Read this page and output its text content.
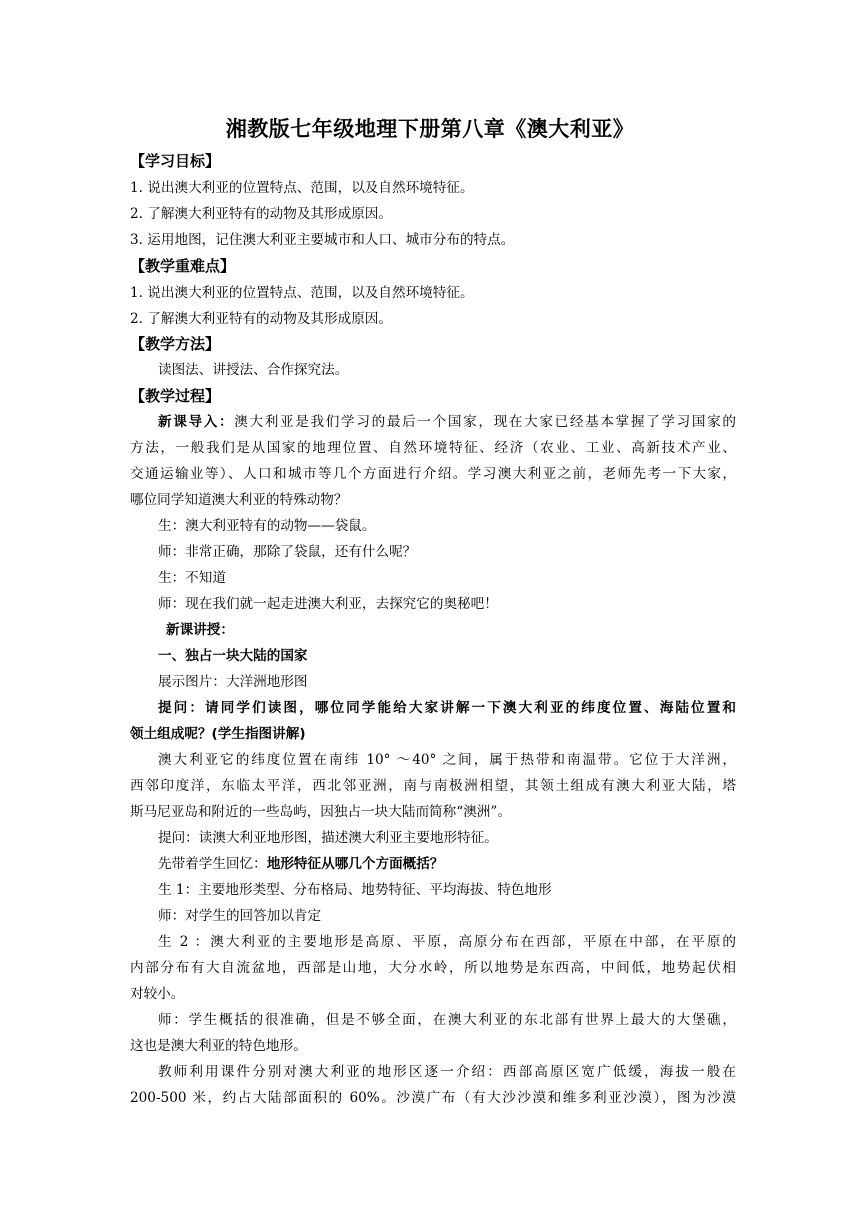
湘教版七年级地理下册第八章《澳大利亚》
【学习目标】
1. 说出澳大利亚的位置特点、范围，以及自然环境特征。
2. 了解澳大利亚特有的动物及其形成原因。
3. 运用地图，记住澳大利亚主要城市和人口、城市分布的特点。
【教学重难点】
1. 说出澳大利亚的位置特点、范围，以及自然环境特征。
2. 了解澳大利亚特有的动物及其形成原因。
【教学方法】
读图法、讲授法、合作探究法。
【教学过程】
新课导入：澳大利亚是我们学习的最后一个国家，现在大家已经基本掌握了学习国家的
方法，一般我们是从国家的地理位置、自然环境特征、经济（农业、工业、高新技术产业、
交通运输业等）、人口和城市等几个方面进行介绍。学习澳大利亚之前，老师先考一下大家，
哪位同学知道澳大利亚的特殊动物？
生：澳大利亚特有的动物——袋鼠。
师：非常正确，那除了袋鼠，还有什么呢？
生：不知道
师：现在我们就一起走进澳大利亚，去探究它的奥秘吧！
新课讲授：
一、独占一块大陆的国家
展示图片：大洋洲地形图
提问：请同学们读图，哪位同学能给大家讲解一下澳大利亚的纬度位置、海陆位置和
领土组成呢？(学生指图讲解)
澳大利亚它的纬度位置在南纬 10° ～40° 之间，属于热带和南温带。它位于大洋洲，
西邻印度洋，东临太平洋，西北邻亚洲，南与南极洲相望，其领土组成有澳大利亚大陆，塔
斯马尼亚岛和附近的一些岛屿，因独占一块大陆而简称“澳洲”。
提问：读澳大利亚地形图，描述澳大利亚主要地形特征。
先带着学生回忆：地形特征从哪几个方面概括？
生 1：主要地形类型、分布格局、地势特征、平均海拔、特色地形
师：对学生的回答加以肯定
生 2 ：澳大利亚的主要地形是高原、平原，高原分布在西部，平原在中部，在平原的
内部分布有大自流盆地，西部是山地，大分水岭，所以地势是东西高，中间低，地势起伏相
对较小。
师：学生概括的很准确，但是不够全面，在澳大利亚的东北部有世界上最大的大堡礁，
这也是澳大利亚的特色地形。
教师利用课件分别对澳大利亚的地形区逐一介绍：西部高原区宽广低缓，海拔一般在
200-500 米，约占大陆部面积的 60%。沙漠广布（有大沙沙漠和维多利亚沙漠），图为沙漠
